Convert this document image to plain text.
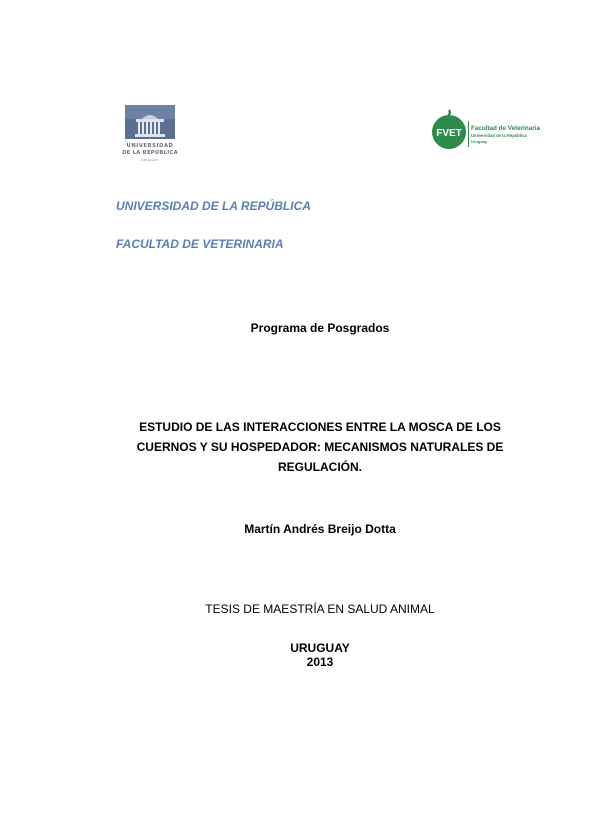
UNIVERSIDAD
DE LA REPÚBLICA
URUGUAY
FVET Facultad de Veterinaria
Universidad de la República
Uruguay
UNIVERSIDAD DE LA REPÚBLICA
FACULTAD DE VETERINARIA
Programa de Posgrados
ESTUDIO DE LAS INTERACCIONES ENTRE LA MOSCA DE LOS
CUERNOS Y SU HOSPEDADOR: MECANISMOS NATURALES DE
REGULACIÓN.
Martín Andrés Breijo Dotta
TESIS DE MAESTRÍA EN SALUD ANIMAL
URUGUAY
2013
